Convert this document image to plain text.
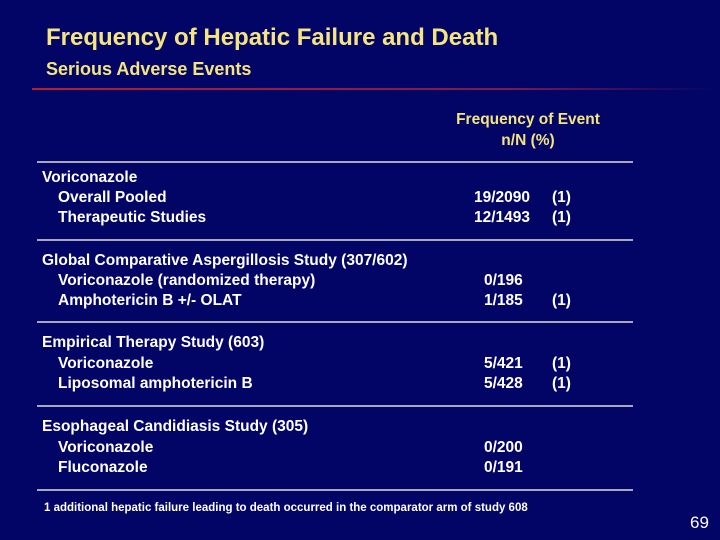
Frequency of Hepatic Failure and Death
Serious Adverse Events
Frequency of Event
n/N (%)
Voriconazole
Overall Pooled	19/2090 (1)
Therapeutic Studies	12/1493 (1)
Global Comparative Aspergillosis Study (307/602)
Voriconazole (randomized therapy)	0/196
Amphotericin B +/- OLAT	1/185 (1)
Empirical Therapy Study (603)
Voriconazole	5/421 (1)
Liposomal amphotericin B	5/428 (1)
Esophageal Candidiasis Study (305)
Voriconazole	0/200
Fluconazole	0/191
1 additional hepatic failure leading to death occurred in the comparator arm of study 608
69
